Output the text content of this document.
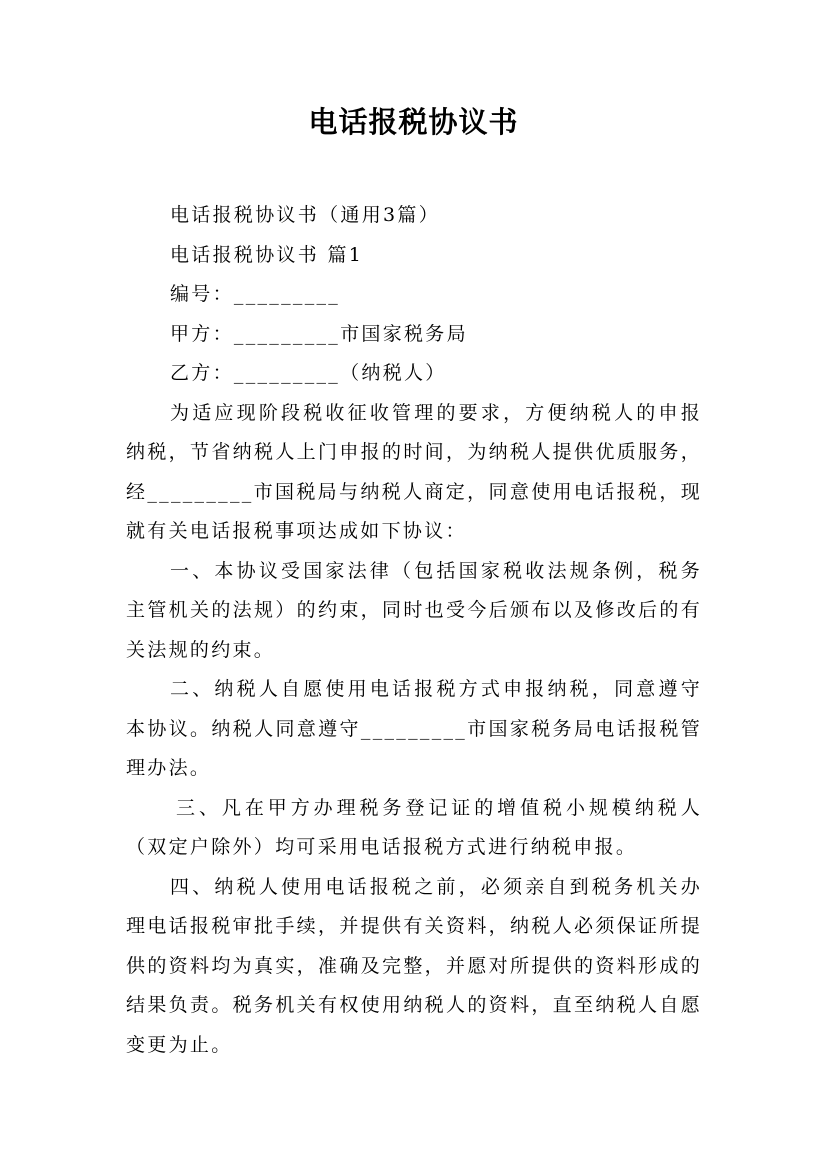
电话报税协议书

电话报税协议书（通用3篇）

电话报税协议书 篇1

编号：_________

甲方：_________市国家税务局

乙方：_________（纳税人）

为适应现阶段税收征收管理的要求，方便纳税人的申报纳税，节省纳税人上门申报的时间，为纳税人提供优质服务，经_________市国税局与纳税人商定，同意使用电话报税，现就有关电话报税事项达成如下协议：

一、本协议受国家法律（包括国家税收法规条例，税务主管机关的法规）的约束，同时也受今后颁布以及修改后的有关法规的约束。

二、纳税人自愿使用电话报税方式申报纳税，同意遵守本协议。纳税人同意遵守_________市国家税务局电话报税管理办法。

三、凡在甲方办理税务登记证的增值税小规模纳税人（双定户除外）均可采用电话报税方式进行纳税申报。

四、纳税人使用电话报税之前，必须亲自到税务机关办理电话报税审批手续，并提供有关资料，纳税人必须保证所提供的资料均为真实，准确及完整，并愿对所提供的资料形成的结果负责。税务机关有权使用纳税人的资料，直至纳税人自愿变更为止。
